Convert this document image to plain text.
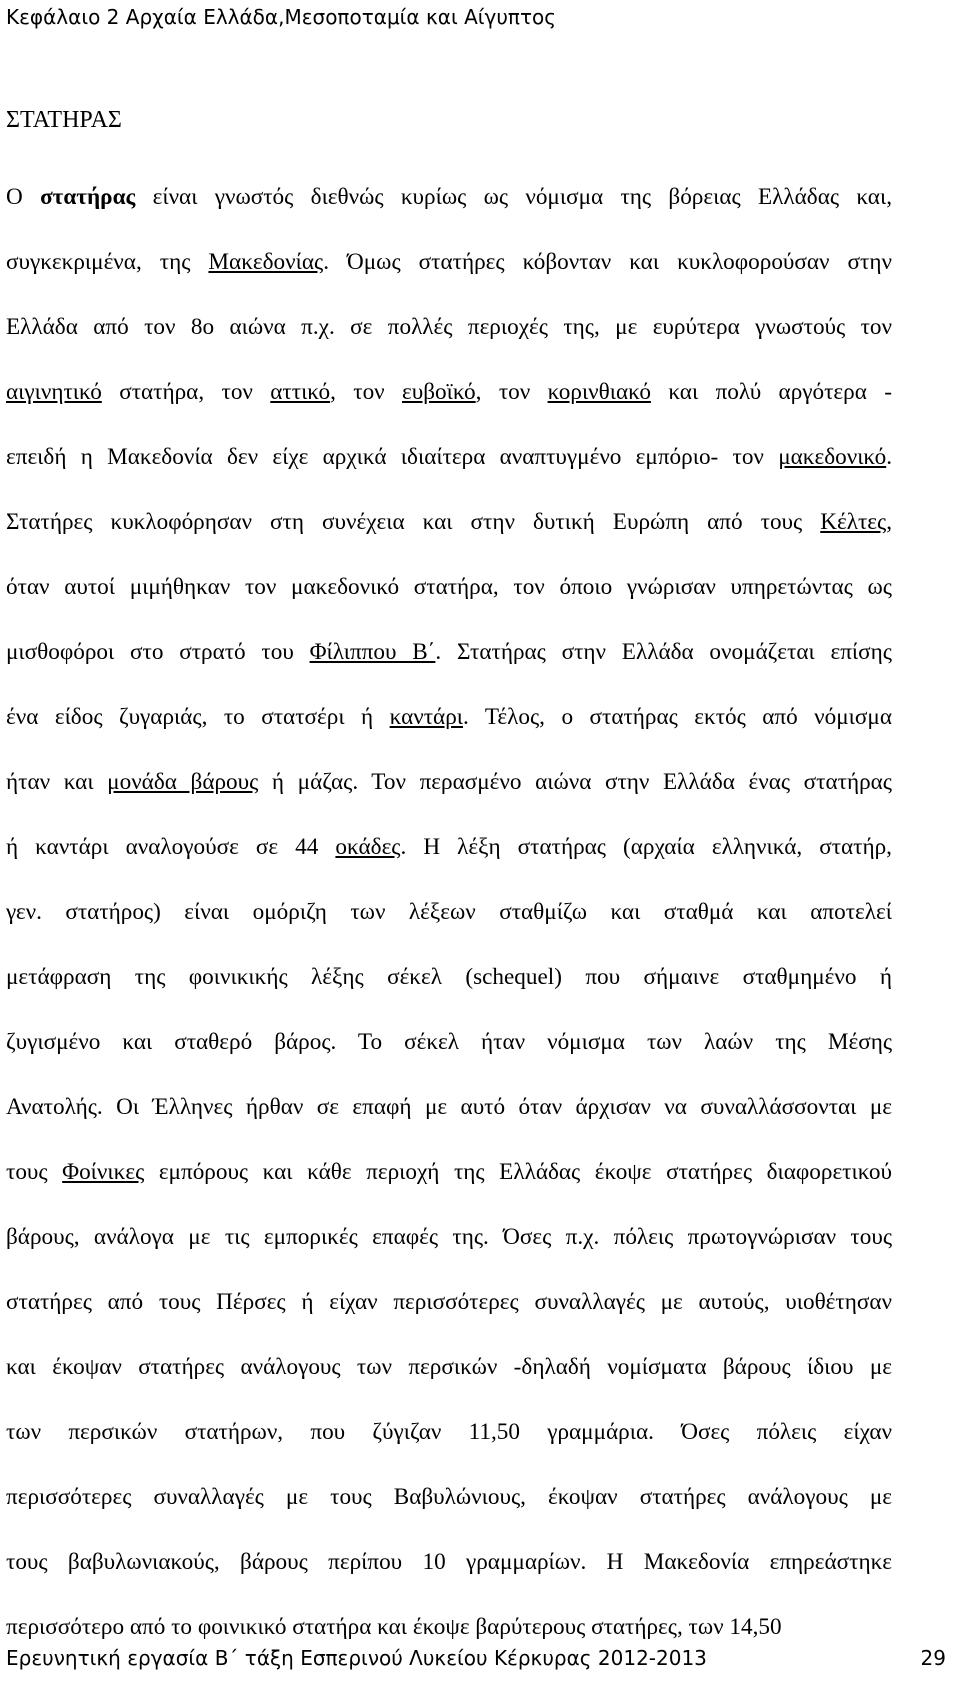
Κεφάλαιο 2 Αρχαία Ελλάδα,Μεσοποταμία και Αίγυπτος
ΣΤΑΤΗΡΑΣ
Ο στατήρας είναι γνωστός διεθνώς κυρίως ως νόμισμα της βόρειας Ελλάδας και,
συγκεκριμένα, της Μακεδονίας. Όμως στατήρες κόβονταν και κυκλοφορούσαν στην
Ελλάδα από τον 8ο αιώνα π.χ. σε πολλές περιοχές της, με ευρύτερα γνωστούς τον
αιγινητικό στατήρα, τον αττικό, τον ευβοϊκό, τον κορινθιακό και πολύ αργότερα -
επειδή η Μακεδονία δεν είχε αρχικά ιδιαίτερα αναπτυγμένο εμπόριο- τον μακεδονικό.
Στατήρες κυκλοφόρησαν στη συνέχεια και στην δυτική Ευρώπη από τους Κέλτες,
όταν αυτοί μιμήθηκαν τον μακεδονικό στατήρα, τον όποιο γνώρισαν υπηρετώντας ως
μισθοφόροι στο στρατό του Φίλιππου Β΄. Στατήρας στην Ελλάδα ονομάζεται επίσης
ένα είδος ζυγαριάς, το στατσέρι ή καντάρι. Τέλος, ο στατήρας εκτός από νόμισμα
ήταν και μονάδα βάρους ή μάζας. Τον περασμένο αιώνα στην Ελλάδα ένας στατήρας
ή καντάρι αναλογούσε σε 44 οκάδες. Η λέξη στατήρας (αρχαία ελληνικά, στατήρ,
γεν. στατήρος) είναι ομόριζη των λέξεων σταθμίζω και σταθμά και αποτελεί
μετάφραση της φοινικικής λέξης σέκελ (schequel) που σήμαινε σταθμημένο ή
ζυγισμένο και σταθερό βάρος. Το σέκελ ήταν νόμισμα των λαών της Μέσης
Ανατολής. Οι Έλληνες ήρθαν σε επαφή με αυτό όταν άρχισαν να συναλλάσσονται με
τους Φοίνικες εμπόρους και κάθε περιοχή της Ελλάδας έκοψε στατήρες διαφορετικού
βάρους, ανάλογα με τις εμπορικές επαφές της. Όσες π.χ. πόλεις πρωτογνώρισαν τους
στατήρες από τους Πέρσες ή είχαν περισσότερες συναλλαγές με αυτούς, υιοθέτησαν
και έκοψαν στατήρες ανάλογους των περσικών -δηλαδή νομίσματα βάρους ίδιου με
των περσικών στατήρων, που ζύγιζαν 11,50 γραμμάρια. Όσες πόλεις είχαν
περισσότερες συναλλαγές με τους Βαβυλώνιους, έκοψαν στατήρες ανάλογους με
τους βαβυλωνιακούς, βάρους περίπου 10 γραμμαρίων. Η Μακεδονία επηρεάστηκε
περισσότερο από το φοινικικό στατήρα και έκοψε βαρύτερους στατήρες, των 14,50
Ερευνητική εργασία Β΄ τάξη Εσπερινού Λυκείου Κέρκυρας 2012-2013	29
